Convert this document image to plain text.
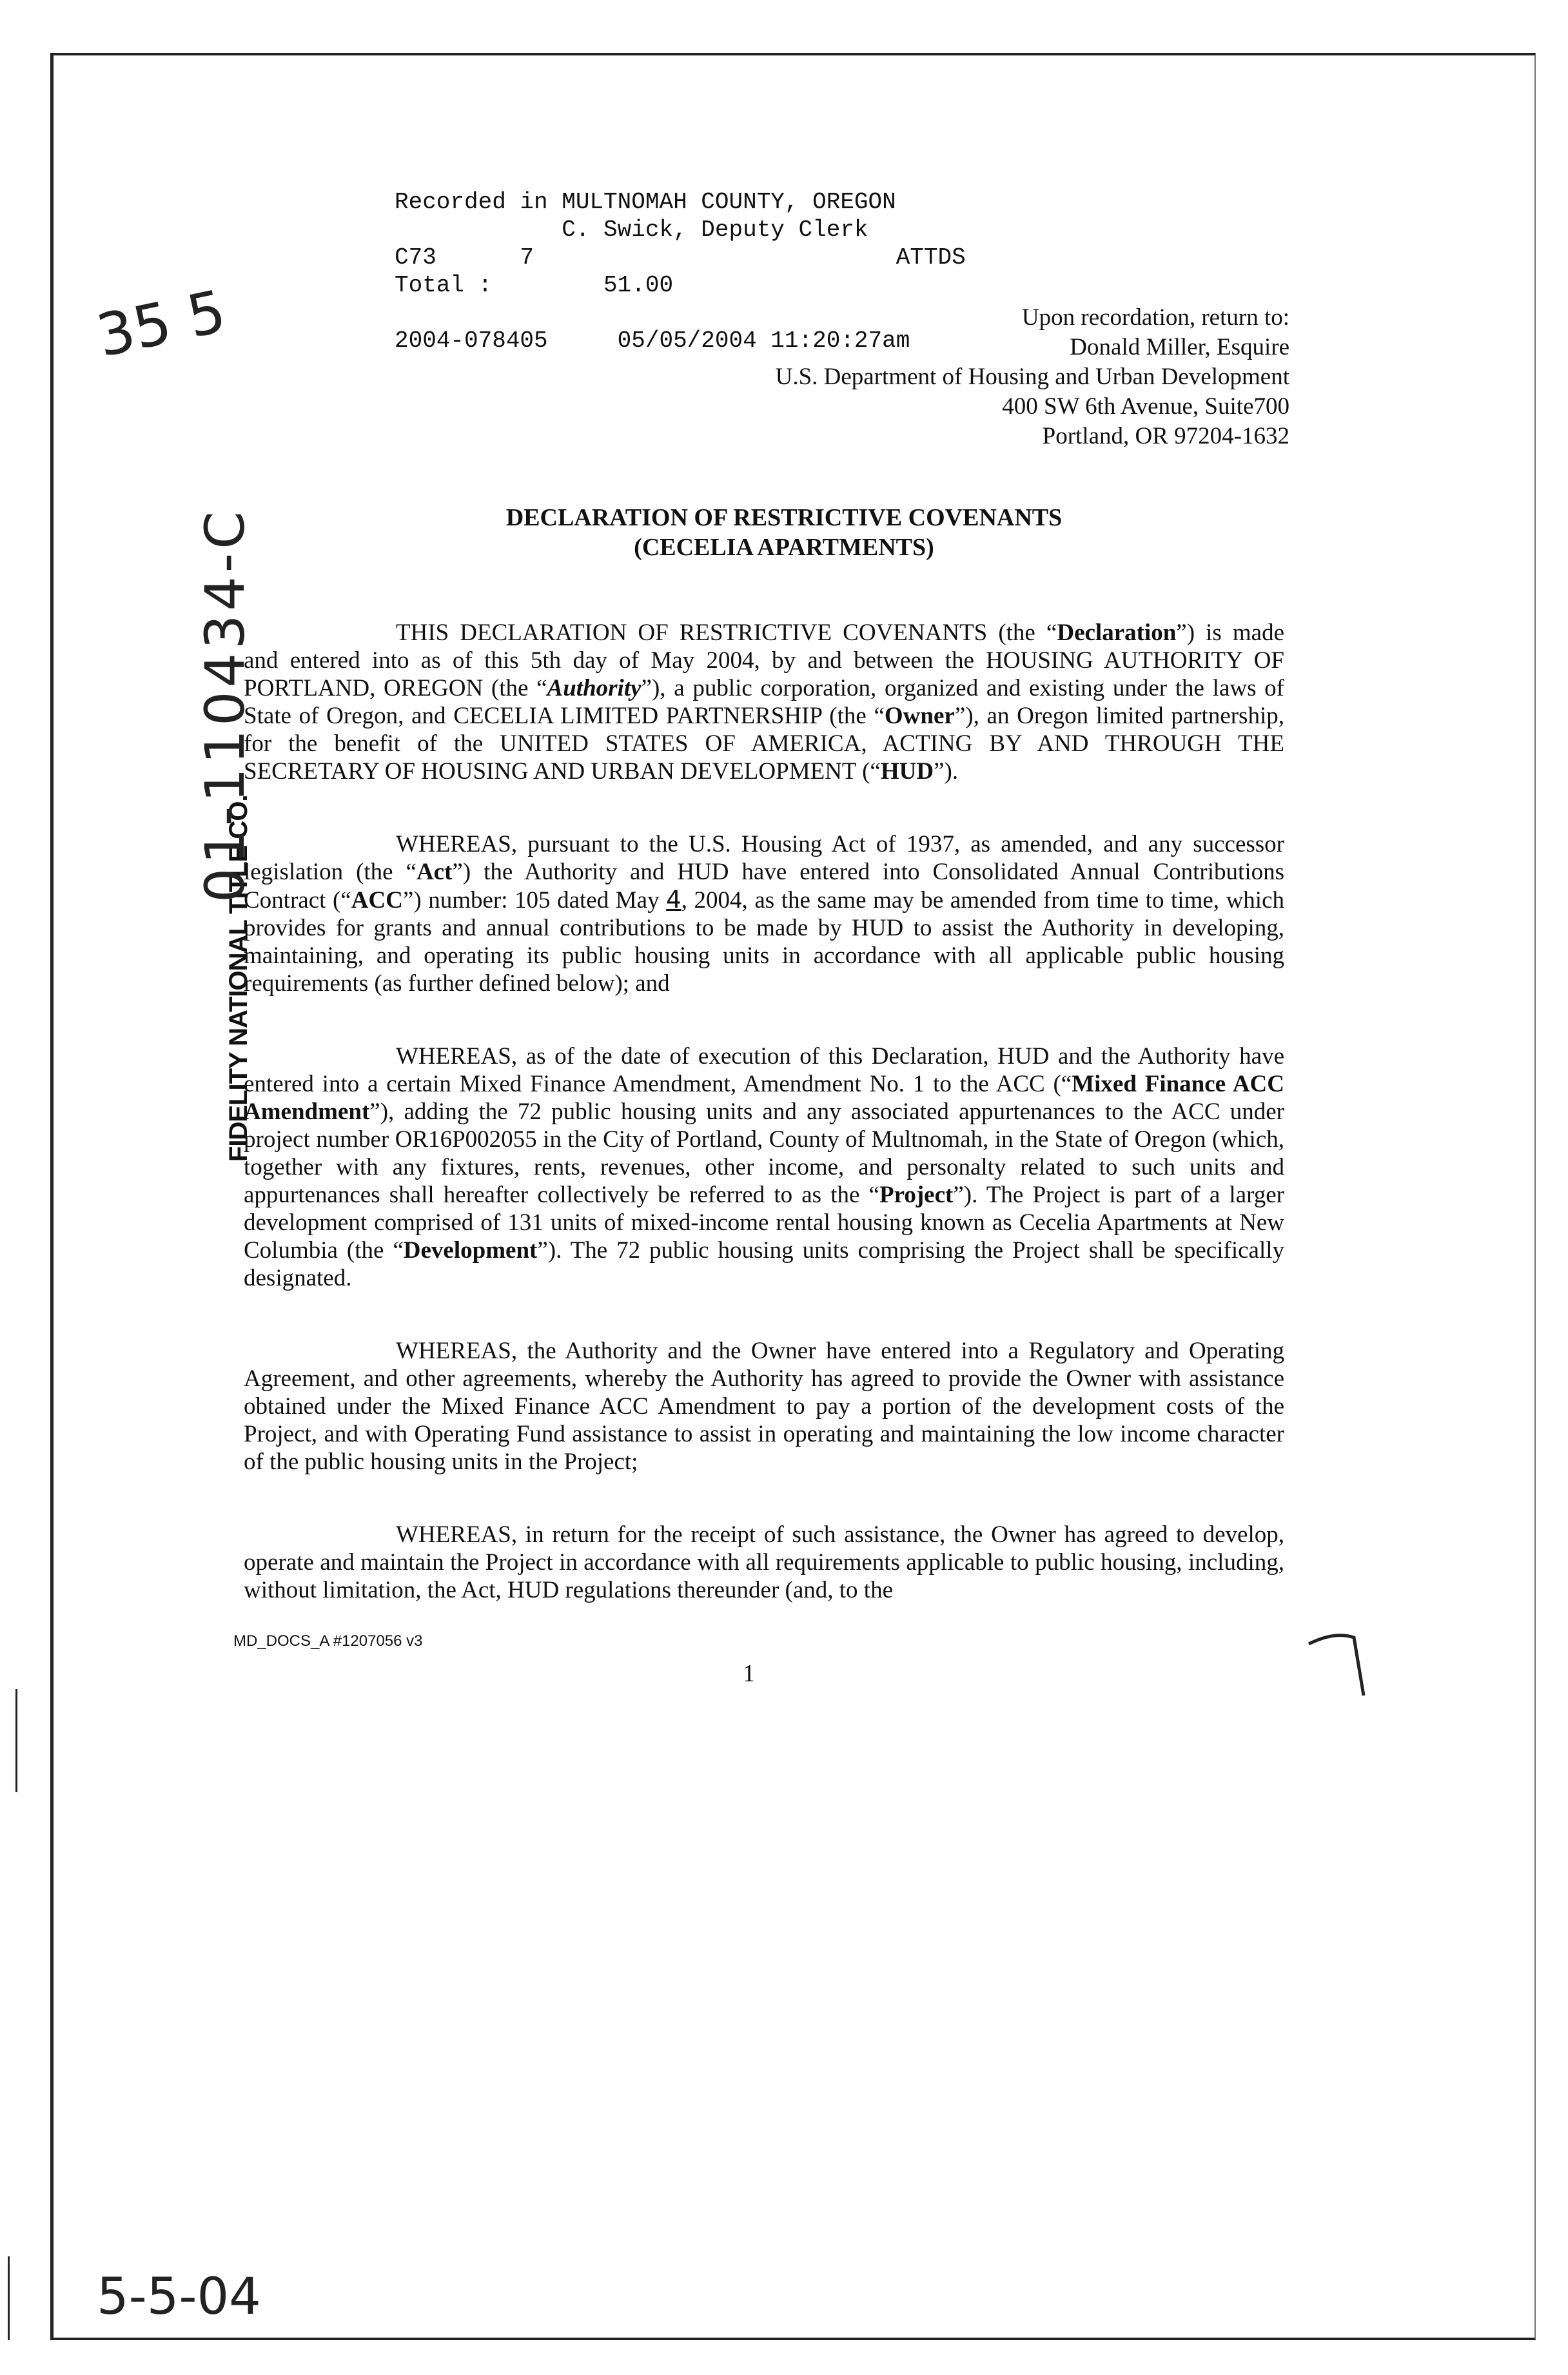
Recorded in MULTNOMAH COUNTY, OREGON
C. Swick, Deputy Clerk
C73      7                          ATTDS
Total :        51.00

2004-078405     05/05/2004 11:20:27am
Upon recordation, return to:
Donald Miller, Esquire
U.S. Department of Housing and Urban Development
400 SW 6th Avenue, Suite700
Portland, OR 97204-1632
DECLARATION OF RESTRICTIVE COVENANTS
(CECELIA APARTMENTS)

THIS DECLARATION OF RESTRICTIVE COVENANTS (the “Declaration”) is made and entered into as of this 5th day of May 2004, by and between the HOUSING AUTHORITY OF PORTLAND, OREGON (the “Authority”), a public corporation, organized and existing under the laws of State of Oregon, and CECELIA LIMITED PARTNERSHIP (the “Owner”), an Oregon limited partnership, for the benefit of the UNITED STATES OF AMERICA, ACTING BY AND THROUGH THE SECRETARY OF HOUSING AND URBAN DEVELOPMENT (“HUD”).

WHEREAS, pursuant to the U.S. Housing Act of 1937, as amended, and any successor legislation (the “Act”) the Authority and HUD have entered into Consolidated Annual Contributions Contract (“ACC”) number: 105 dated May 4, 2004, as the same may be amended from time to time, which provides for grants and annual contributions to be made by HUD to assist the Authority in developing, maintaining, and operating its public housing units in accordance with all applicable public housing requirements (as further defined below); and

WHEREAS, as of the date of execution of this Declaration, HUD and the Authority have entered into a certain Mixed Finance Amendment, Amendment No. 1 to the ACC (“Mixed Finance ACC Amendment”), adding the 72 public housing units and any associated appurtenances to the ACC under project number OR16P002055 in the City of Portland, County of Multnomah, in the State of Oregon (which, together with any fixtures, rents, revenues, other income, and personalty related to such units and appurtenances shall hereafter collectively be referred to as the “Project”). The Project is part of a larger development comprised of 131 units of mixed-income rental housing known as Cecelia Apartments at New Columbia (the “Development”). The 72 public housing units comprising the Project shall be specifically designated.

WHEREAS, the Authority and the Owner have entered into a Regulatory and Operating Agreement, and other agreements, whereby the Authority has agreed to provide the Owner with assistance obtained under the Mixed Finance ACC Amendment to pay a portion of the development costs of the Project, and with Operating Fund assistance to assist in operating and maintaining the low income character of the public housing units in the Project;

WHEREAS, in return for the receipt of such assistance, the Owner has agreed to develop, operate and maintain the Project in accordance with all requirements applicable to public housing, including, without limitation, the Act, HUD regulations thereunder (and, to the

MD_DOCS_A #1207056 v3
1
FIDELITY NATIONAL TITLE CO.
01-110434-C
5-5-04
35 5
